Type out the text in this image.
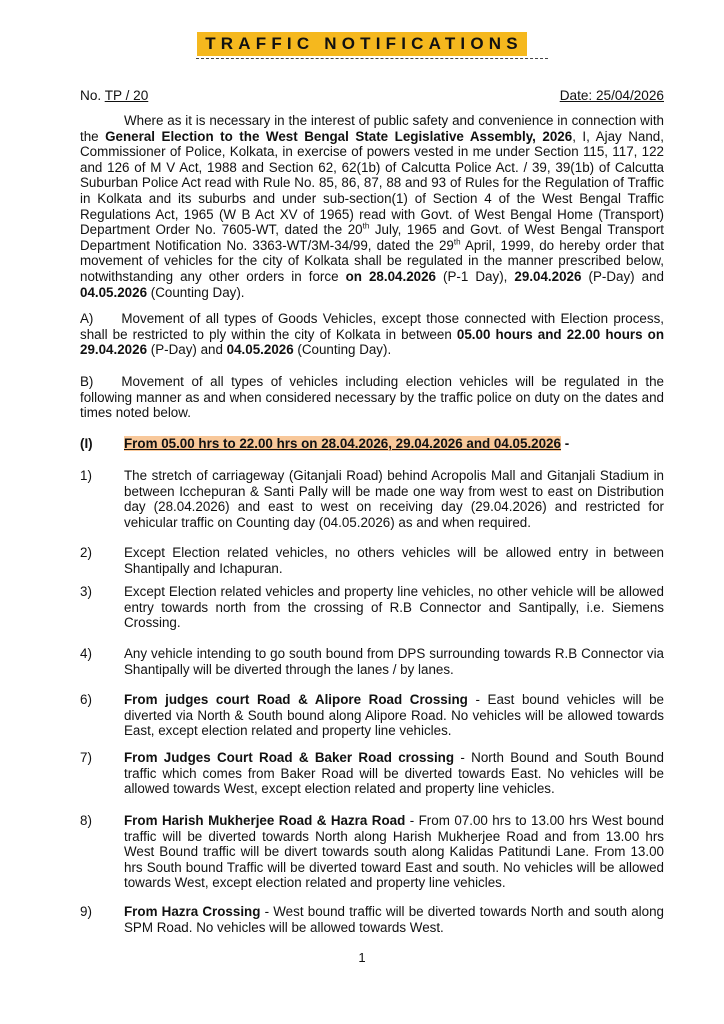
TRAFFIC NOTIFICATIONS
No. TP / 20	Date: 25/04/2026
Where as it is necessary in the interest of public safety and convenience in connection with the General Election to the West Bengal State Legislative Assembly, 2026, I, Ajay Nand, Commissioner of Police, Kolkata, in exercise of powers vested in me under Section 115, 117, 122 and 126 of M V Act, 1988 and Section 62, 62(1b) of Calcutta Police Act. / 39, 39(1b) of Calcutta Suburban Police Act read with Rule No. 85, 86, 87, 88 and 93 of Rules for the Regulation of Traffic in Kolkata and its suburbs and under sub-section(1) of Section 4 of the West Bengal Traffic Regulations Act, 1965 (W B Act XV of 1965) read with Govt. of West Bengal Home (Transport) Department Order No. 7605-WT, dated the 20th July, 1965 and Govt. of West Bengal Transport Department Notification No. 3363-WT/3M-34/99, dated the 29th April, 1999, do hereby order that movement of vehicles for the city of Kolkata shall be regulated in the manner prescribed below, notwithstanding any other orders in force on 28.04.2026 (P-1 Day), 29.04.2026 (P-Day) and 04.05.2026 (Counting Day).
A) Movement of all types of Goods Vehicles, except those connected with Election process, shall be restricted to ply within the city of Kolkata in between 05.00 hours and 22.00 hours on 29.04.2026 (P-Day) and 04.05.2026 (Counting Day).
B) Movement of all types of vehicles including election vehicles will be regulated in the following manner as and when considered necessary by the traffic police on duty on the dates and times noted below.
(I)	From 05.00 hrs to 22.00 hrs on 28.04.2026, 29.04.2026 and 04.05.2026 -
1)	The stretch of carriageway (Gitanjali Road) behind Acropolis Mall and Gitanjali Stadium in between Icchepuran & Santi Pally will be made one way from west to east on Distribution day (28.04.2026) and east to west on receiving day (29.04.2026) and restricted for vehicular traffic on Counting day (04.05.2026) as and when required.
2)	Except Election related vehicles, no others vehicles will be allowed entry in between Shantipally and Ichapuran.
3)	Except Election related vehicles and property line vehicles, no other vehicle will be allowed entry towards north from the crossing of R.B Connector and Santipally, i.e. Siemens Crossing.
4)	Any vehicle intending to go south bound from DPS surrounding towards R.B Connector via Shantipally will be diverted through the lanes / by lanes.
6)	From judges court Road & Alipore Road Crossing - East bound vehicles will be diverted via North & South bound along Alipore Road. No vehicles will be allowed towards East, except election related and property line vehicles.
7)	From Judges Court Road & Baker Road crossing - North Bound and South Bound traffic which comes from Baker Road will be diverted towards East. No vehicles will be allowed towards West, except election related and property line vehicles.
8)	From Harish Mukherjee Road & Hazra Road - From 07.00 hrs to 13.00 hrs West bound traffic will be diverted towards North along Harish Mukherjee Road and from 13.00 hrs West Bound traffic will be divert towards south along Kalidas Patitundi Lane. From 13.00 hrs South bound Traffic will be diverted toward East and south. No vehicles will be allowed towards West, except election related and property line vehicles.
9)	From Hazra Crossing - West bound traffic will be diverted towards North and south along SPM Road. No vehicles will be allowed towards West.
1
